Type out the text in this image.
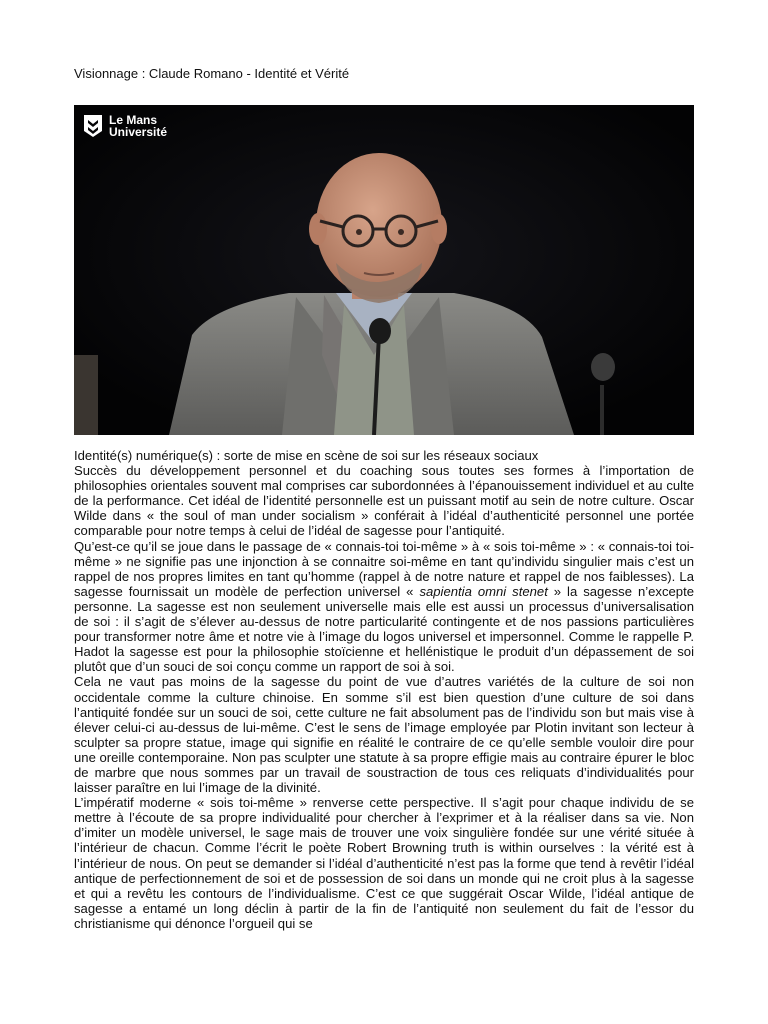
Visionnage : Claude Romano - Identité et Vérité
Le Mans
Université

Identité(s) numérique(s) : sorte de mise en scène de soi sur les réseaux sociaux

Succès du développement personnel et du coaching sous toutes ses formes à l’importation de philosophies orientales souvent mal comprises car subordonnées à l’épanouissement individuel et au culte de la performance. Cet idéal de l’identité personnelle est un puissant motif au sein de notre culture. Oscar Wilde dans « the soul of man under socialism » conférait à l’idéal d’authenticité personnel une portée comparable pour notre temps à celui de l’idéal de sagesse pour l’antiquité.

Qu’est-ce qu’il se joue dans le passage de « connais-toi toi-même » à « sois toi-même » : « connais-toi toi-même » ne signifie pas une injonction à se connaitre soi-même en tant qu’individu singulier mais c’est un rappel de nos propres limites en tant qu’homme (rappel à de notre nature et rappel de nos faiblesses). La sagesse fournissait un modèle de perfection universel « sapientia omni stenet » la sagesse n’excepte personne. La sagesse est non seulement universelle mais elle est aussi un processus d’universalisation de soi : il s’agit de s’élever au-dessus de notre particularité contingente et de nos passions particulières pour transformer notre âme et notre vie à l’image du logos universel et impersonnel. Comme le rappelle P. Hadot la sagesse est pour la philosophie stoïcienne et hellénistique le produit d’un dépassement de soi plutôt que d’un souci de soi conçu comme un rapport de soi à soi.

Cela ne vaut pas moins de la sagesse du point de vue d’autres variétés de la culture de soi non occidentale comme la culture chinoise. En somme s’il est bien question d’une culture de soi dans l’antiquité fondée sur un souci de soi, cette culture ne fait absolument pas de l’individu son but mais vise à élever celui-ci au-dessus de lui-même. C’est le sens de l’image employée par Plotin invitant son lecteur à sculpter sa propre statue, image qui signifie en réalité le contraire de ce qu’elle semble vouloir dire pour une oreille contemporaine. Non pas sculpter une statute à sa propre effigie mais au contraire épurer le bloc de marbre que nous sommes par un travail de soustraction de tous ces reliquats d’individualités pour laisser paraître en lui l’image de la divinité.

L’impératif moderne « sois toi-même » renverse cette perspective. Il s’agit pour chaque individu de se mettre à l’écoute de sa propre individualité pour chercher à l’exprimer et à la réaliser dans sa vie. Non d’imiter un modèle universel, le sage mais de trouver une voix singulière fondée sur une vérité située à l’intérieur de chacun. Comme l’écrit le poète Robert Browning truth is within ourselves : la vérité est à l’intérieur de nous. On peut se demander si l’idéal d’authenticité n’est pas la forme que tend à revêtir l’idéal antique de perfectionnement de soi et de possession de soi dans un monde qui ne croit plus à la sagesse et qui a revêtu les contours de l’individualisme. C’est ce que suggérait Oscar Wilde, l’idéal antique de sagesse a entamé un long déclin à partir de la fin de l’antiquité non seulement du fait de l’essor du christianisme qui dénonce l’orgueil qui se
